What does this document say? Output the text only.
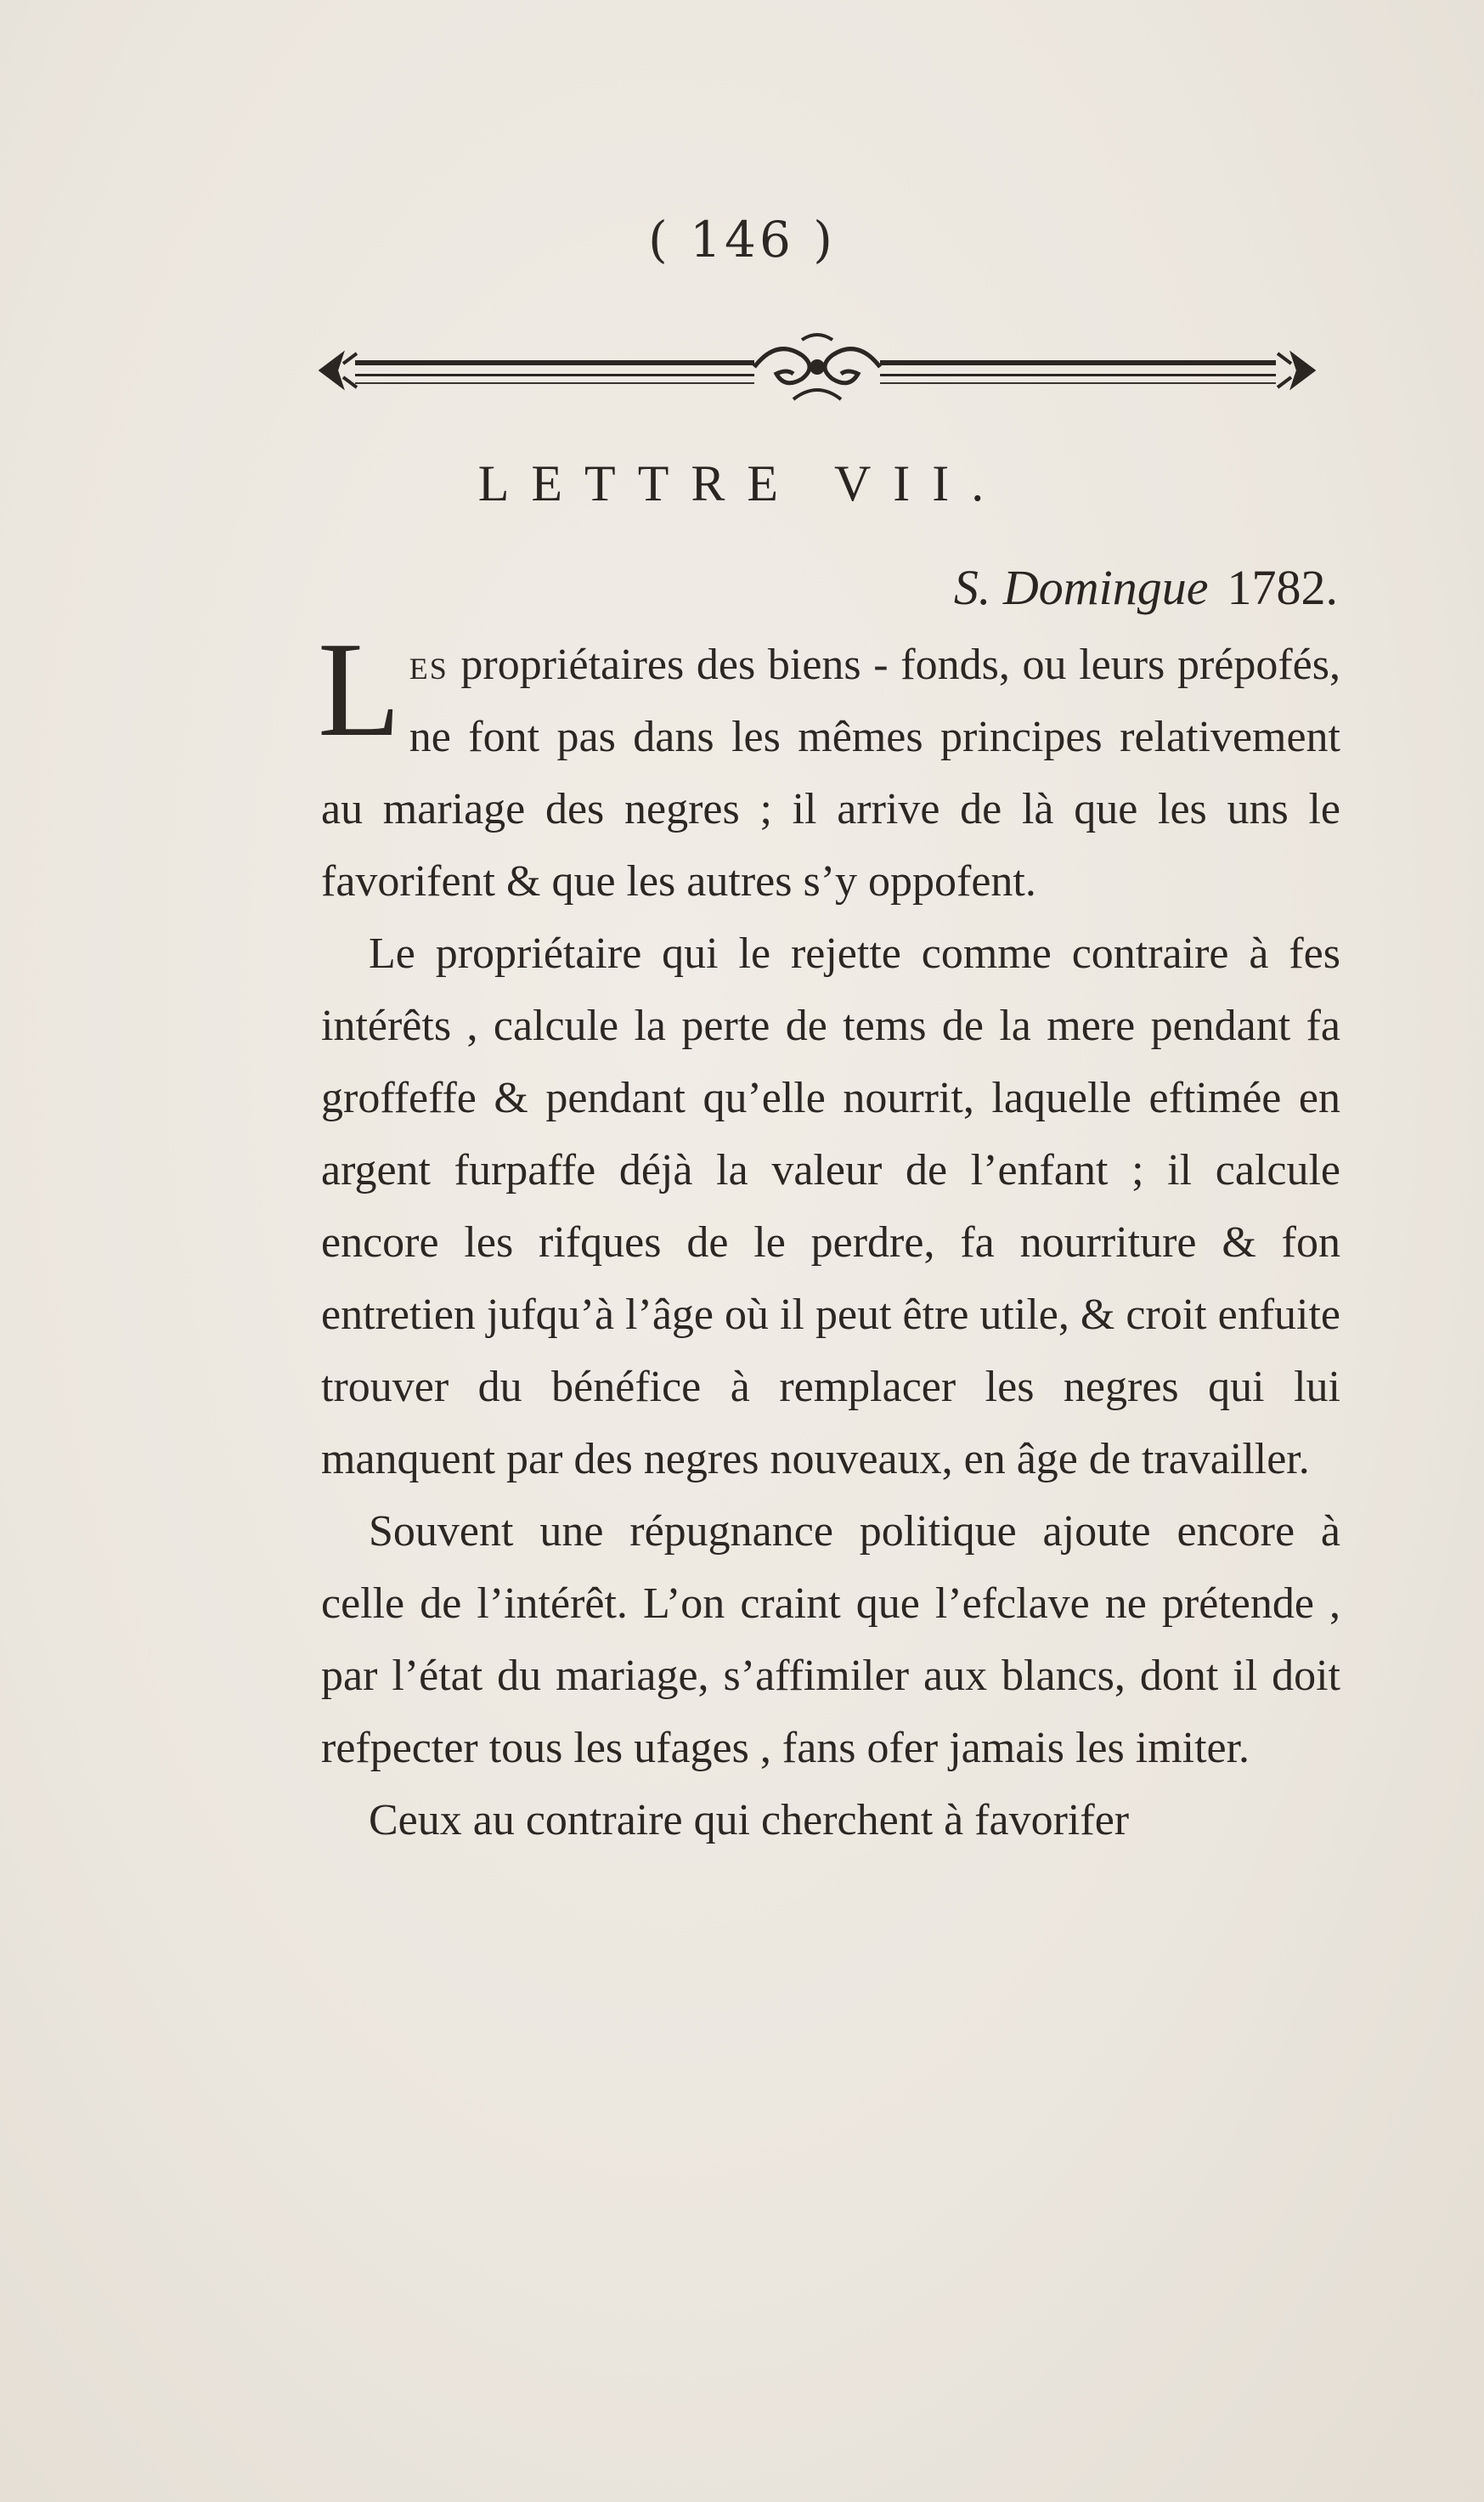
( 146 )
LETTRE VII.
S. Domingue 1782.

Les propriétaires des biens - fonds, ou leurs prépofés, ne font pas dans les mêmes principes relativement au mariage des negres ; il arrive de là que les uns le favorifent & que les autres s’y oppofent.

Le propriétaire qui le rejette comme contraire à fes intérêts , calcule la perte de tems de la mere pendant fa groffeffe & pendant qu’elle nourrit, laquelle eftimée en argent furpaffe déjà la valeur de l’enfant ; il calcule encore les rifques de le perdre, fa nourriture & fon entretien jufqu’à l’âge où il peut être utile, & croit enfuite trouver du bénéfice à remplacer les negres qui lui manquent par des negres nouveaux, en âge de travailler.

Souvent une répugnance politique ajoute encore à celle de l’intérêt. L’on craint que l’efclave ne prétende , par l’état du mariage, s’affimiler aux blancs, dont il doit refpecter tous les ufages , fans ofer jamais les imiter.

Ceux au contraire qui cherchent à favorifer
